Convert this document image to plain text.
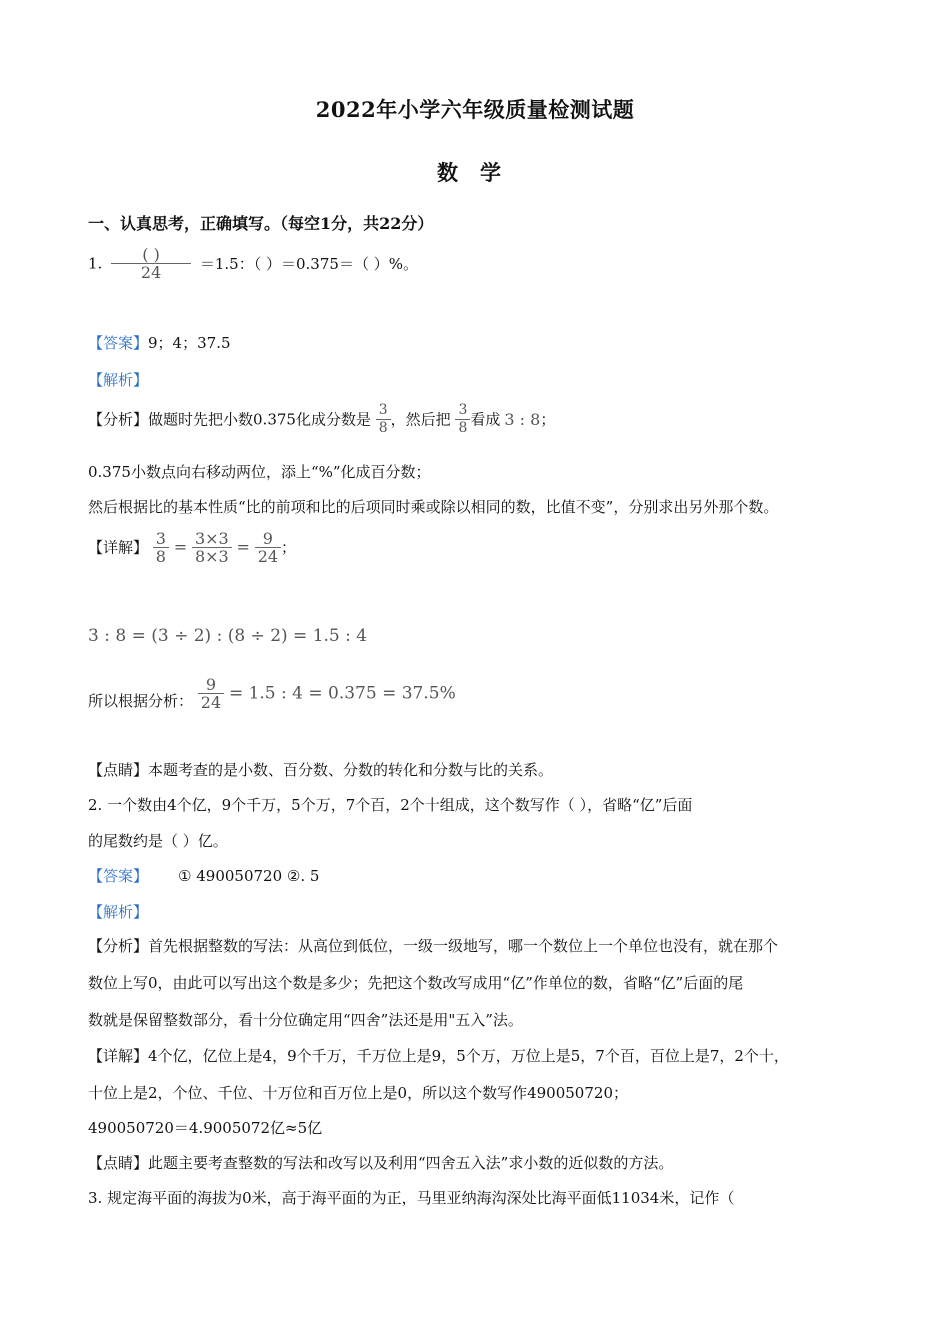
2022年小学六年级质量检测试题
数学
一、认真思考，正确填写。（每空1分，共22分）
1. $\frac{( )}{24} =1.5$：（ ）＝0.375＝（ ）%。
【答案】9；4；37.5
【解析】
【分析】做题时先把小数0.375化成分数是 $\frac{3}{8}$ ，然后把 $\frac{3}{8}$ 看成 3 : 8；
0.375小数点向右移动两位，添上“%”化成百分数；
然后根据比的基本性质“比的前项和比的后项同时乘或除以相同的数，比值不变”，分别求出另外那个数。
【详解】 $\frac{3}{8} = \frac{3\times 3}{8\times 3} = \frac{9}{24}$ ；
3 : 8 = (3 ÷ 2) : (8 ÷ 2) = 1.5 : 4
所以根据分析： $\frac{9}{24} = 1.5$ : 4 = 0.375 = 37.5%
【点睛】本题考查的是小数、百分数、分数的转化和分数与比的关系。
2. 一个数由4个亿，9个千万，5个万，7个百，2个十组成，这个数写作（ ），省略“亿”后面
的尾数约是（ ）亿。
【答案】 ① 490050720 ②. 5
【解析】
【分析】首先根据整数的写法：从高位到低位，一级一级地写，哪一个数位上一个单位也没有，就在那个
数位上写0，由此可以写出这个数是多少；先把这个数改写成用“亿”作单位的数，省略“亿”后面的尾
数就是保留整数部分，看十分位确定用“四舍”法还是用"五入”法。
【详解】4个亿，亿位上是4，9个千万，千万位上是9，5个万，万位上是5，7个百，百位上是7，2个十，
十位上是2，个位、千位、十万位和百万位上是0，所以这个数写作490050720；
490050720＝4.9005072亿≈5亿
【点睛】此题主要考查整数的写法和改写以及利用“四舍五入法”求小数的近似数的方法。
3. 规定海平面的海拔为0米，高于海平面的为正，马里亚纳海沟深处比海平面低11034米，记作（
